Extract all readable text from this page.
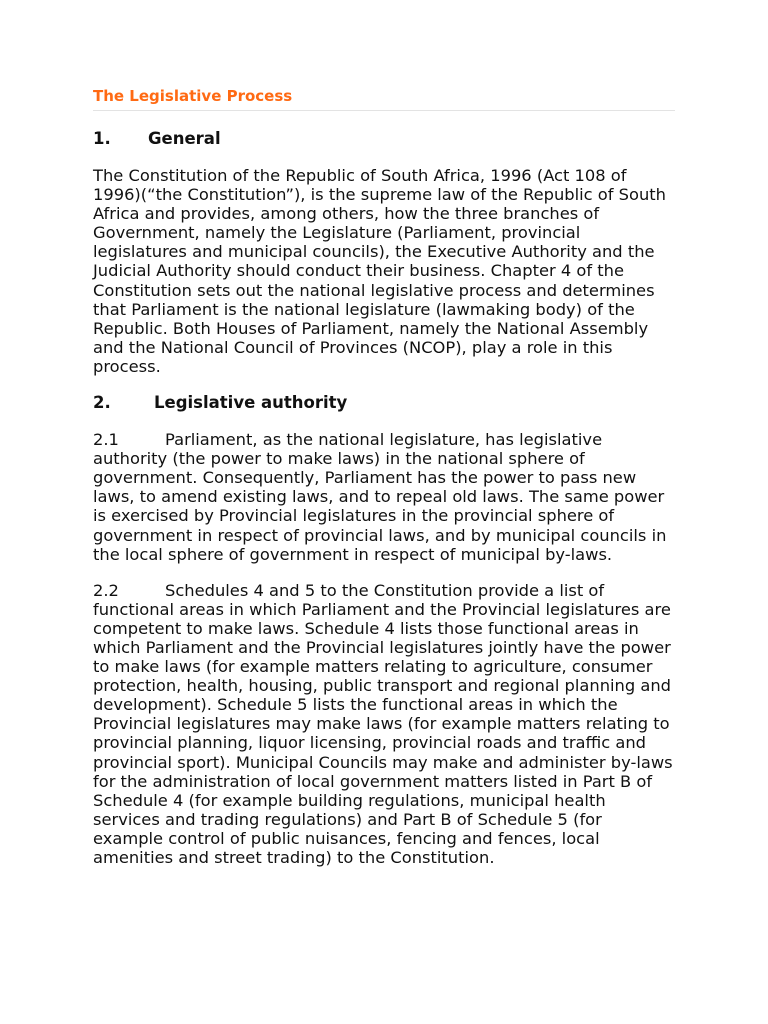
The Legislative Process
1. General

The Constitution of the Republic of South Africa, 1996 (Act 108 of 1996)(“the Constitution”), is the supreme law of the Republic of South Africa and provides, among others, how the three branches of Government, namely the Legislature (Parliament, provincial legislatures and municipal councils), the Executive Authority and the Judicial Authority should conduct their business. Chapter 4 of the Constitution sets out the national legislative process and determines that Parliament is the national legislature (lawmaking body) of the Republic. Both Houses of Parliament, namely the National Assembly and the National Council of Provinces (NCOP), play a role in this process.

2.	Legislative authority

2.1	Parliament, as the national legislature, has legislative authority (the power to make laws) in the national sphere of government. Consequently, Parliament has the power to pass new laws, to amend existing laws, and to repeal old laws. The same power is exercised by Provincial legislatures in the provincial sphere of government in respect of provincial laws, and by municipal councils in the local sphere of government in respect of municipal by-laws.

2.2	Schedules 4 and 5 to the Constitution provide a list of functional areas in which Parliament and the Provincial legislatures are competent to make laws. Schedule 4 lists those functional areas in which Parliament and the Provincial legislatures jointly have the power to make laws (for example matters relating to agriculture, consumer protection, health, housing, public transport and regional planning and development). Schedule 5 lists the functional areas in which the Provincial legislatures may make laws (for example matters relating to provincial planning, liquor licensing, provincial roads and traffic and provincial sport). Municipal Councils may make and administer by-laws for the administration of local government matters listed in Part B of Schedule 4 (for example building regulations, municipal health services and trading regulations) and Part B of Schedule 5 (for example control of public nuisances, fencing and fences, local amenities and street trading) to the Constitution.
